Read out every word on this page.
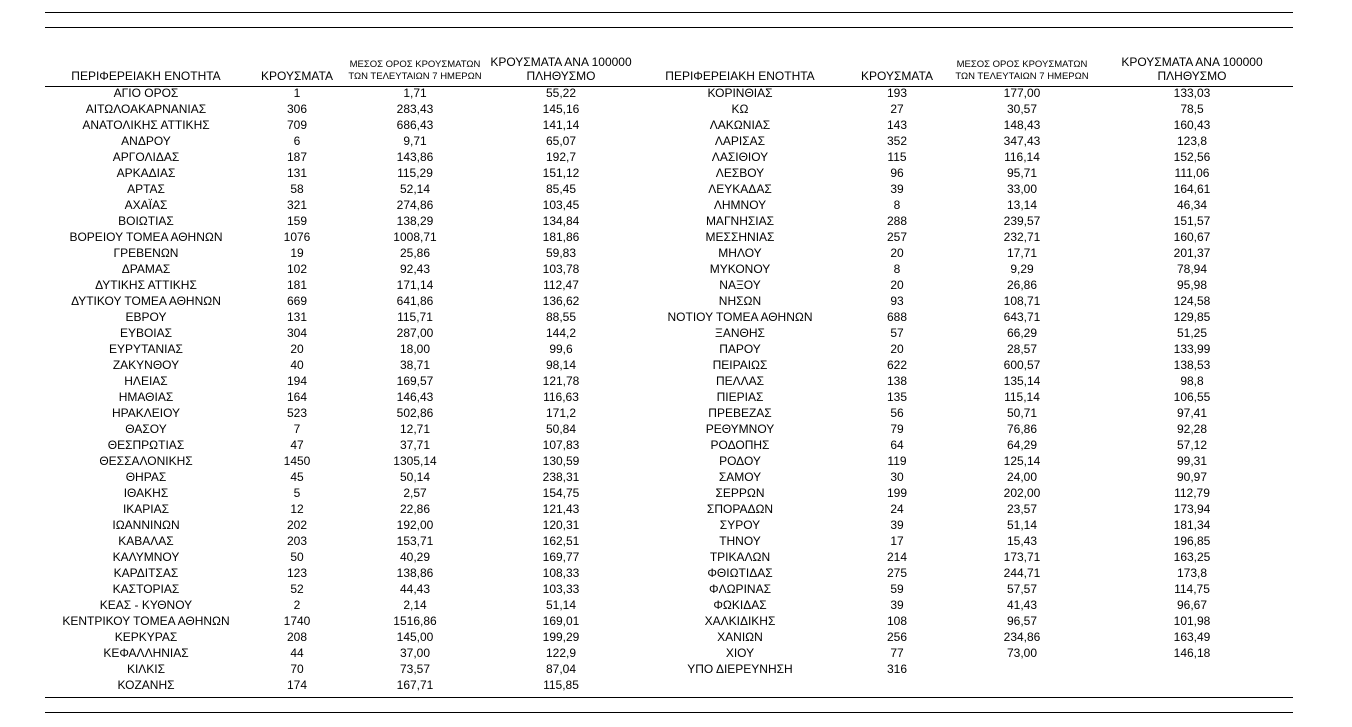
ΠΕΡΙΦΕΡΕΙΑΚΗ ΕΝΟΤΗΤΑ	ΚΡΟΥΣΜΑΤΑ	ΜΕΣΟΣ ΟΡΟΣ ΚΡΟΥΣΜΑΤΩΝ
ΤΩΝ ΤΕΛΕΥΤΑΙΩΝ 7 ΗΜΕΡΩΝ	ΚΡΟΥΣΜΑΤΑ ΑΝΑ 100000
ΠΛΗΘΥΣΜΟ	ΠΕΡΙΦΕΡΕΙΑΚΗ ΕΝΟΤΗΤΑ	ΚΡΟΥΣΜΑΤΑ	ΜΕΣΟΣ ΟΡΟΣ ΚΡΟΥΣΜΑΤΩΝ
ΤΩΝ ΤΕΛΕΥΤΑΙΩΝ 7 ΗΜΕΡΩΝ	ΚΡΟΥΣΜΑΤΑ ΑΝΑ 100000
ΠΛΗΘΥΣΜΟ
ΑΓΙΟ ΟΡΟΣ	1	1,71	55,22	ΚΟΡΙΝΘΙΑΣ	193	177,00	133,03
ΑΙΤΩΛΟΑΚΑΡΝΑΝΙΑΣ	306	283,43	145,16	ΚΩ	27	30,57	78,5
ΑΝΑΤΟΛΙΚΗΣ ΑΤΤΙΚΗΣ	709	686,43	141,14	ΛΑΚΩΝΙΑΣ	143	148,43	160,43
ΑΝΔΡΟΥ	6	9,71	65,07	ΛΑΡΙΣΑΣ	352	347,43	123,8
ΑΡΓΟΛΙΔΑΣ	187	143,86	192,7	ΛΑΣΙΘΙΟΥ	115	116,14	152,56
ΑΡΚΑΔΙΑΣ	131	115,29	151,12	ΛΕΣΒΟΥ	96	95,71	111,06
ΑΡΤΑΣ	58	52,14	85,45	ΛΕΥΚΑΔΑΣ	39	33,00	164,61
ΑΧΑΪΑΣ	321	274,86	103,45	ΛΗΜΝΟΥ	8	13,14	46,34
ΒΟΙΩΤΙΑΣ	159	138,29	134,84	ΜΑΓΝΗΣΙΑΣ	288	239,57	151,57
ΒΟΡΕΙΟΥ ΤΟΜΕΑ ΑΘΗΝΩΝ	1076	1008,71	181,86	ΜΕΣΣΗΝΙΑΣ	257	232,71	160,67
ΓΡΕΒΕΝΩΝ	19	25,86	59,83	ΜΗΛΟΥ	20	17,71	201,37
ΔΡΑΜΑΣ	102	92,43	103,78	ΜΥΚΟΝΟΥ	8	9,29	78,94
ΔΥΤΙΚΗΣ ΑΤΤΙΚΗΣ	181	171,14	112,47	ΝΑΞΟΥ	20	26,86	95,98
ΔΥΤΙΚΟΥ ΤΟΜΕΑ ΑΘΗΝΩΝ	669	641,86	136,62	ΝΗΣΩΝ	93	108,71	124,58
ΕΒΡΟΥ	131	115,71	88,55	ΝΟΤΙΟΥ ΤΟΜΕΑ ΑΘΗΝΩΝ	688	643,71	129,85
ΕΥΒΟΙΑΣ	304	287,00	144,2	ΞΑΝΘΗΣ	57	66,29	51,25
ΕΥΡΥΤΑΝΙΑΣ	20	18,00	99,6	ΠΑΡΟΥ	20	28,57	133,99
ΖΑΚΥΝΘΟΥ	40	38,71	98,14	ΠΕΙΡΑΙΩΣ	622	600,57	138,53
ΗΛΕΙΑΣ	194	169,57	121,78	ΠΕΛΛΑΣ	138	135,14	98,8
ΗΜΑΘΙΑΣ	164	146,43	116,63	ΠΙΕΡΙΑΣ	135	115,14	106,55
ΗΡΑΚΛΕΙΟΥ	523	502,86	171,2	ΠΡΕΒΕΖΑΣ	56	50,71	97,41
ΘΑΣΟΥ	7	12,71	50,84	ΡΕΘΥΜΝΟΥ	79	76,86	92,28
ΘΕΣΠΡΩΤΙΑΣ	47	37,71	107,83	ΡΟΔΟΠΗΣ	64	64,29	57,12
ΘΕΣΣΑΛΟΝΙΚΗΣ	1450	1305,14	130,59	ΡΟΔΟΥ	119	125,14	99,31
ΘΗΡΑΣ	45	50,14	238,31	ΣΑΜΟΥ	30	24,00	90,97
ΙΘΑΚΗΣ	5	2,57	154,75	ΣΕΡΡΩΝ	199	202,00	112,79
ΙΚΑΡΙΑΣ	12	22,86	121,43	ΣΠΟΡΑΔΩΝ	24	23,57	173,94
ΙΩΑΝΝΙΝΩΝ	202	192,00	120,31	ΣΥΡΟΥ	39	51,14	181,34
ΚΑΒΑΛΑΣ	203	153,71	162,51	ΤΗΝΟΥ	17	15,43	196,85
ΚΑΛΥΜΝΟΥ	50	40,29	169,77	ΤΡΙΚΑΛΩΝ	214	173,71	163,25
ΚΑΡΔΙΤΣΑΣ	123	138,86	108,33	ΦΘΙΩΤΙΔΑΣ	275	244,71	173,8
ΚΑΣΤΟΡΙΑΣ	52	44,43	103,33	ΦΛΩΡΙΝΑΣ	59	57,57	114,75
ΚΕΑΣ - ΚΥΘΝΟΥ	2	2,14	51,14	ΦΩΚΙΔΑΣ	39	41,43	96,67
ΚΕΝΤΡΙΚΟΥ ΤΟΜΕΑ ΑΘΗΝΩΝ	1740	1516,86	169,01	ΧΑΛΚΙΔΙΚΗΣ	108	96,57	101,98
ΚΕΡΚΥΡΑΣ	208	145,00	199,29	ΧΑΝΙΩΝ	256	234,86	163,49
ΚΕΦΑΛΛΗΝΙΑΣ	44	37,00	122,9	ΧΙΟΥ	77	73,00	146,18
ΚΙΛΚΙΣ	70	73,57	87,04	ΥΠΟ ΔΙΕΡΕΥΝΗΣΗ	316		
ΚΟΖΑΝΗΣ	174	167,71	115,85				
